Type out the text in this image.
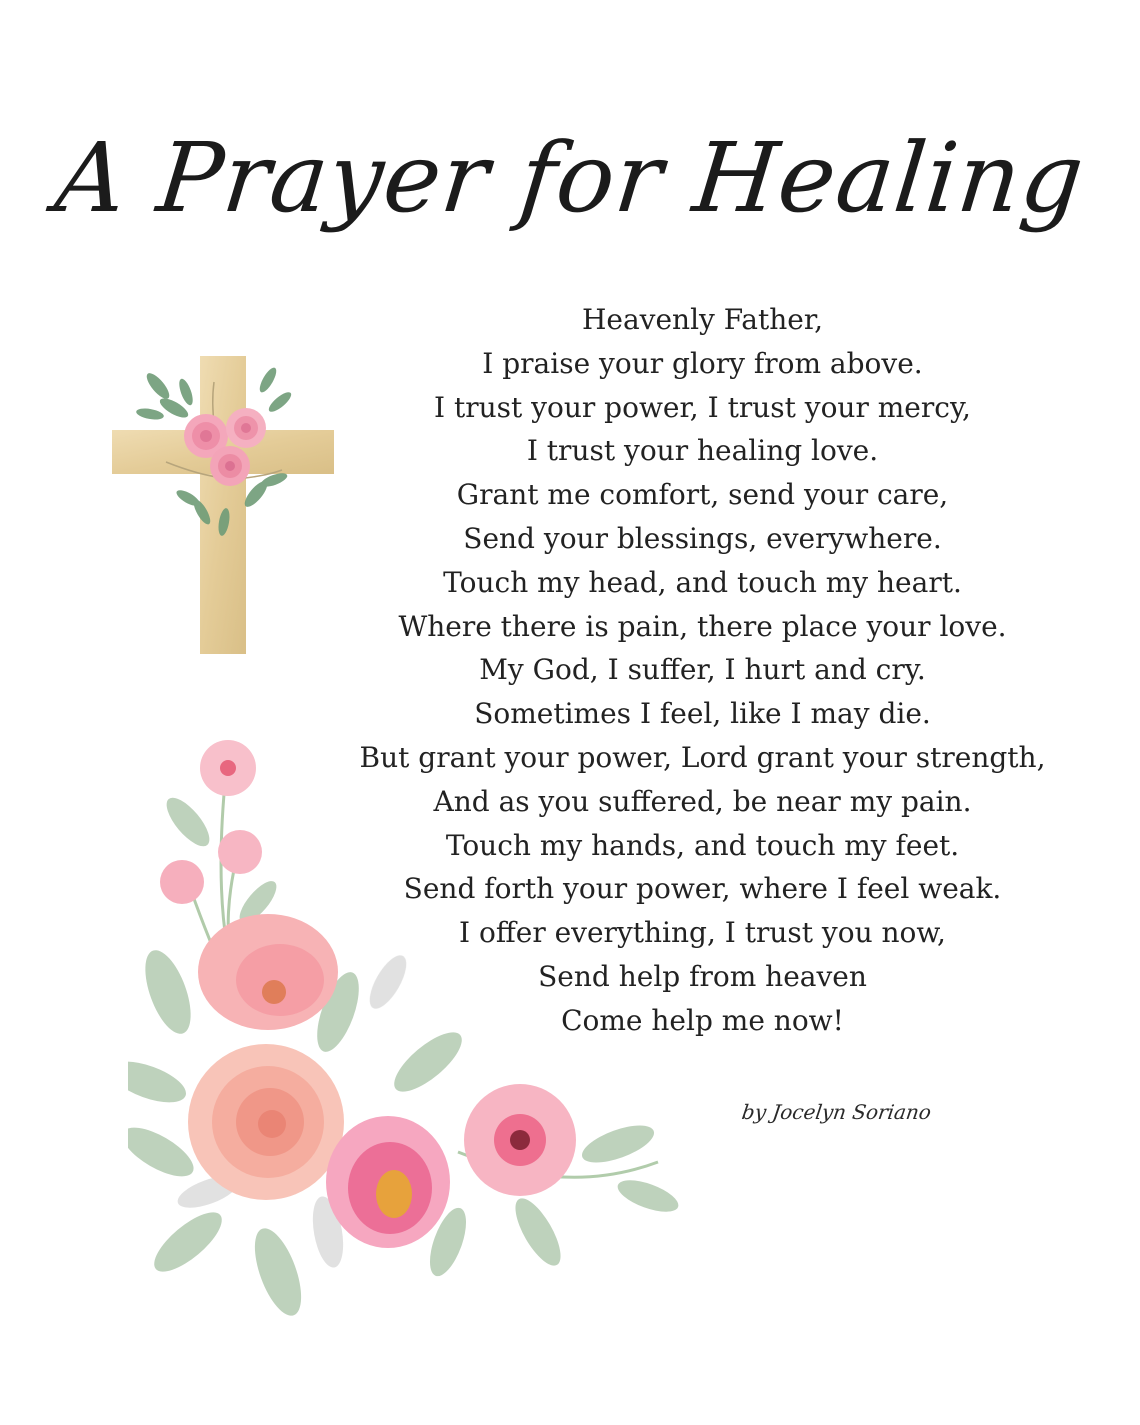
A Prayer for Healing
Heavenly Father,
I praise your glory from above.
I trust your power, I trust your mercy,
I trust your healing love.
Grant me comfort, send your care,
Send your blessings, everywhere.
Touch my head, and touch my heart.
Where there is pain, there place your love.
My God, I suffer, I hurt and cry.
Sometimes I feel, like I may die.
But grant your power, Lord grant your strength,
And as you suffered, be near my pain.
Touch my hands, and touch my feet.
Send forth your power, where I feel weak.
I offer everything, I trust you now,
Send help from heaven
Come help me now!
by Jocelyn Soriano
